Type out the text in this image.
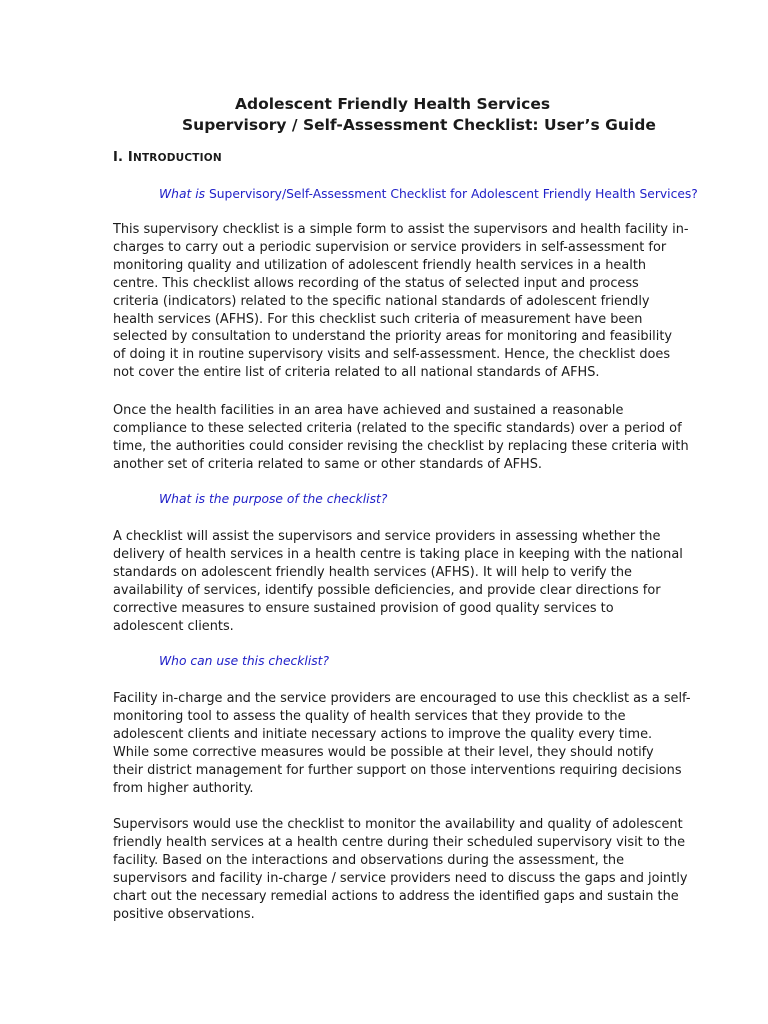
Adolescent Friendly Health Services
Supervisory / Self-Assessment Checklist: User’s Guide
I. INTRODUCTION
What is Supervisory/Self-Assessment Checklist for Adolescent Friendly Health Services?
This supervisory checklist is a simple form to assist the supervisors and health facility in-
charges to carry out a periodic supervision or service providers in self-assessment for
monitoring quality and utilization of adolescent friendly health services in a health
centre. This checklist allows recording of the status of selected input and process
criteria (indicators) related to the specific national standards of adolescent friendly
health services (AFHS). For this checklist such criteria of measurement have been
selected by consultation to understand the priority areas for monitoring and feasibility
of doing it in routine supervisory visits and self-assessment. Hence, the checklist does
not cover the entire list of criteria related to all national standards of AFHS.
Once the health facilities in an area have achieved and sustained a reasonable
compliance to these selected criteria (related to the specific standards) over a period of
time, the authorities could consider revising the checklist by replacing these criteria with
another set of criteria related to same or other standards of AFHS.
What is the purpose of the checklist?
A checklist will assist the supervisors and service providers in assessing whether the
delivery of health services in a health centre is taking place in keeping with the national
standards on adolescent friendly health services (AFHS). It will help to verify the
availability of services, identify possible deficiencies, and provide clear directions for
corrective measures to ensure sustained provision of good quality services to
adolescent clients.
Who can use this checklist?
Facility in-charge and the service providers are encouraged to use this checklist as a self-
monitoring tool to assess the quality of health services that they provide to the
adolescent clients and initiate necessary actions to improve the quality every time.
While some corrective measures would be possible at their level, they should notify
their district management for further support on those interventions requiring decisions
from higher authority.
Supervisors would use the checklist to monitor the availability and quality of adolescent
friendly health services at a health centre during their scheduled supervisory visit to the
facility. Based on the interactions and observations during the assessment, the
supervisors and facility in-charge / service providers need to discuss the gaps and jointly
chart out the necessary remedial actions to address the identified gaps and sustain the
positive observations.
